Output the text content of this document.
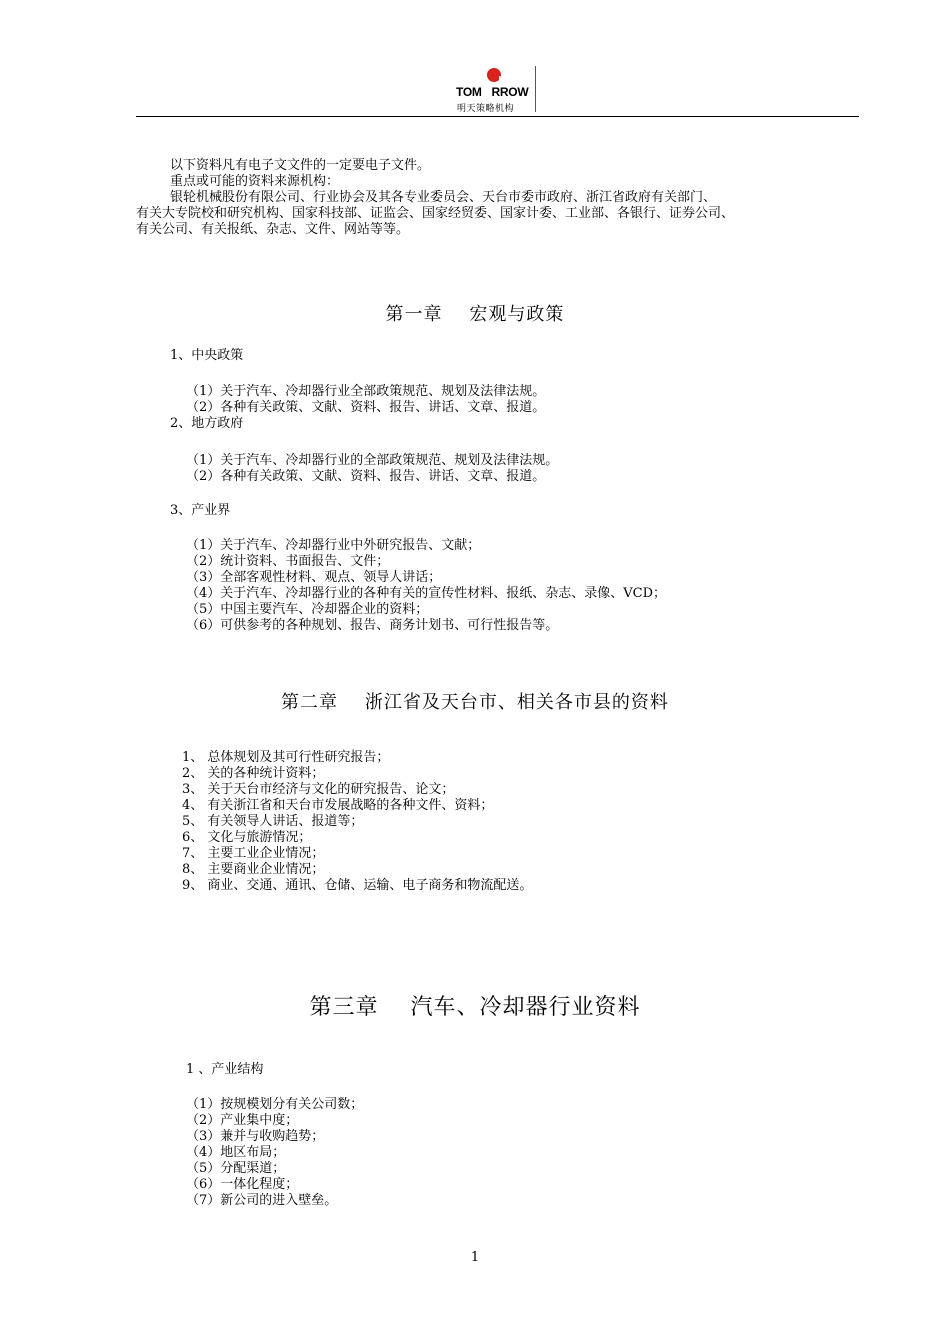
TOM RROW
明天策略机构
以下资料凡有电子文文件的一定要电子文件。
重点或可能的资料来源机构：
银轮机械股份有限公司、行业协会及其各专业委员会、天台市委市政府、浙江省政府有关部门、
有关大专院校和研究机构、国家科技部、证监会、国家经贸委、国家计委、工业部、各银行、证券公司、
有关公司、有关报纸、杂志、文件、网站等等。
第一章    宏观与政策
1、中央政策
（1）关于汽车、冷却器行业全部政策规范、规划及法律法规。
（2）各种有关政策、文献、资料、报告、讲话、文章、报道。
2、地方政府
（1）关于汽车、冷却器行业的全部政策规范、规划及法律法规。
（2）各种有关政策、文献、资料、报告、讲话、文章、报道。
3、产业界
（1）关于汽车、冷却器行业中外研究报告、文献；
（2）统计资料、书面报告、文件；
（3）全部客观性材料、观点、领导人讲话；
（4）关于汽车、冷却器行业的各种有关的宣传性材料、报纸、杂志、录像、VCD；
（5）中国主要汽车、冷却器企业的资料；
（6）可供参考的各种规划、报告、商务计划书、可行性报告等。
第二章    浙江省及天台市、相关各市县的资料
1、 总体规划及其可行性研究报告；
2、 关的各种统计资料；
3、 关于天台市经济与文化的研究报告、论文；
4、 有关浙江省和天台市发展战略的各种文件、资料；
5、 有关领导人讲话、报道等；
6、 文化与旅游情况；
7、 主要工业企业情况；
8、 主要商业企业情况；
9、 商业、交通、通讯、仓储、运输、电子商务和物流配送。
第三章    汽车、冷却器行业资料
1 、产业结构
（1）按规模划分有关公司数；
（2）产业集中度；
（3）兼并与收购趋势；
（4）地区布局；
（5）分配渠道；
（6）一体化程度；
（7）新公司的进入壁垒。
1
